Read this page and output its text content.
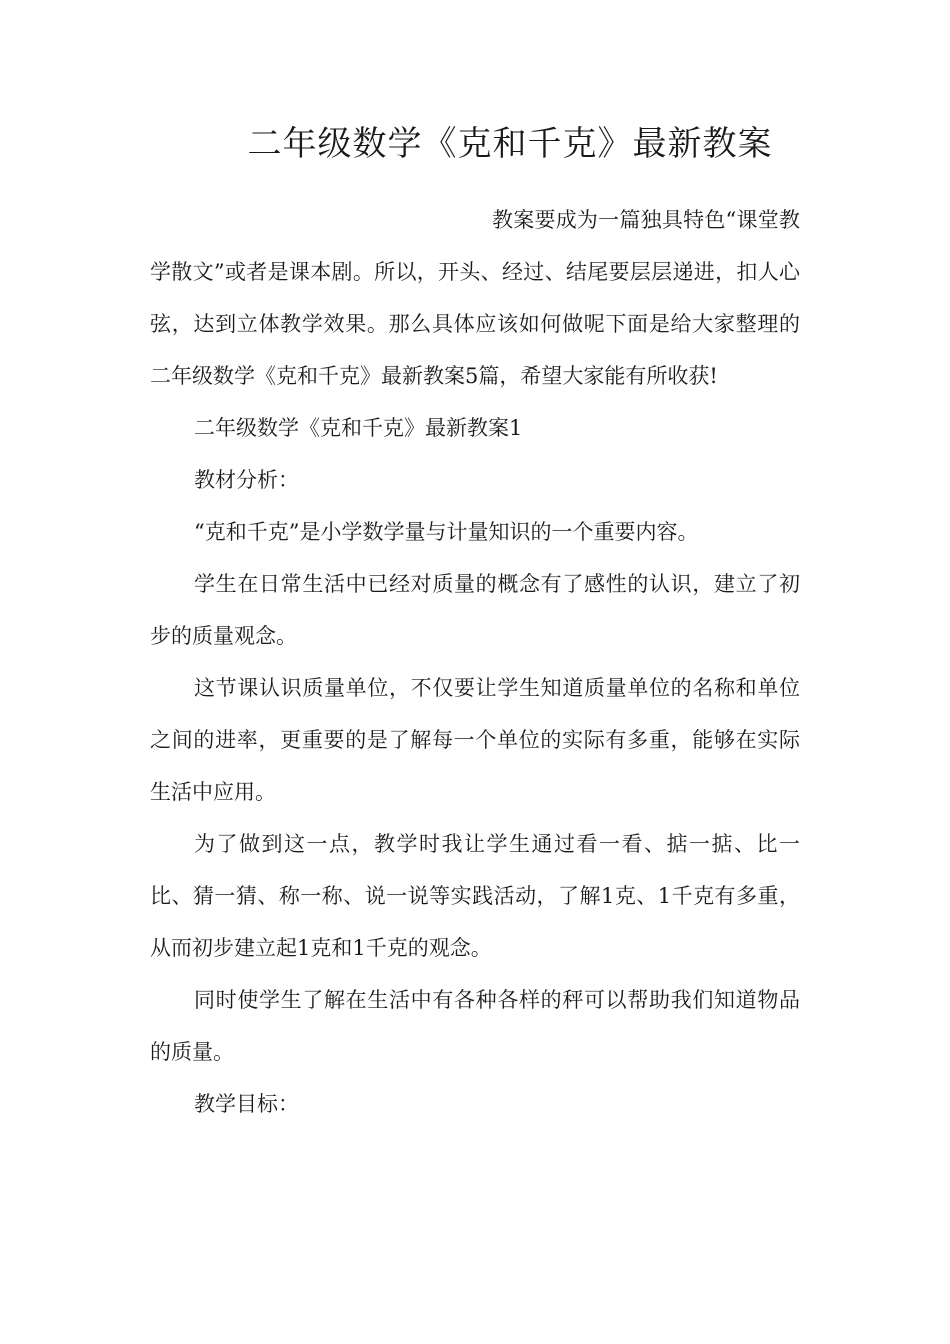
二年级数学《克和千克》最新教案

教案要成为一篇独具特色“课堂教学散文”或者是课本剧。所以，开头、经过、结尾要层层递进，扣人心弦，达到立体教学效果。那么具体应该如何做呢下面是给大家整理的二年级数学《克和千克》最新教案5篇，希望大家能有所收获!

二年级数学《克和千克》最新教案1

教材分析：

“克和千克”是小学数学量与计量知识的一个重要内容。

学生在日常生活中已经对质量的概念有了感性的认识，建立了初步的质量观念。

这节课认识质量单位，不仅要让学生知道质量单位的名称和单位之间的进率，更重要的是了解每一个单位的实际有多重，能够在实际生活中应用。

为了做到这一点，教学时我让学生通过看一看、掂一掂、比一比、猜一猜、称一称、说一说等实践活动，了解1克、1千克有多重，从而初步建立起1克和1千克的观念。

同时使学生了解在生活中有各种各样的秤可以帮助我们知道物品的质量。

教学目标：
